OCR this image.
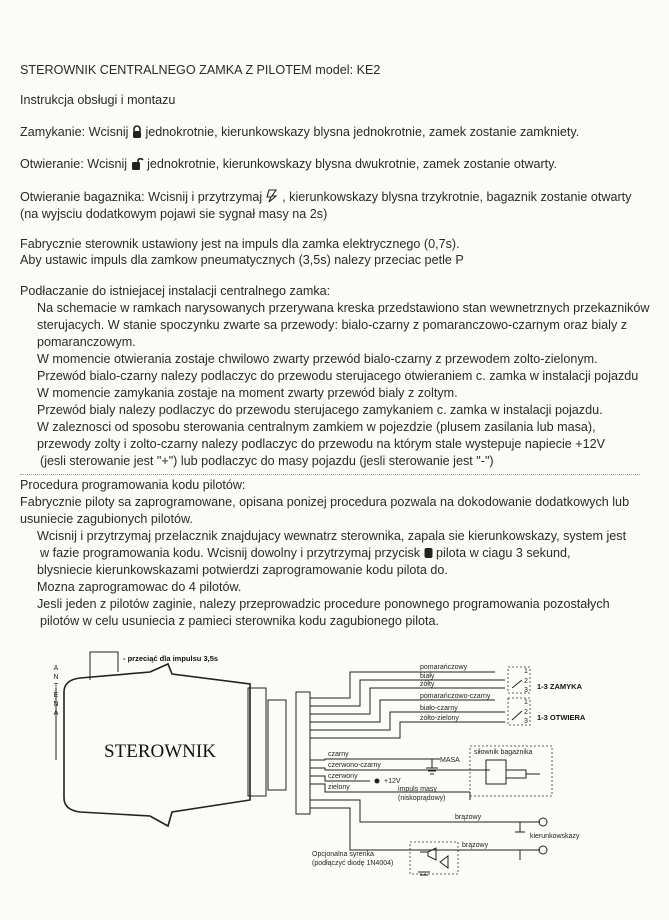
STEROWNIK CENTRALNEGO ZAMKA Z PILOTEM model: KE2
Instrukcja obsługi i montazu
Zamykanie: Wcisnij  jednokrotnie, kierunkowskazy blysna jednokrotnie, zamek zostanie zamkniety.
Otwieranie: Wcisnij  jednokrotnie, kierunkowskazy blysna dwukrotnie, zamek zostanie otwarty.
Otwieranie bagaznika: Wcisnij i przytrzymaj  , kierunkowskazy blysna trzykrotnie, bagaznik zostanie otwarty
(na wyjsciu dodatkowym pojawi sie sygnał masy na 2s)
Fabrycznie sterownik ustawiony jest na impuls dla zamka elektrycznego (0,7s).
Aby ustawic impuls dla zamkow pneumatycznych (3,5s) nalezy przeciac petle P
Podłaczanie do istniejacej instalacji centralnego zamka:
Na schemacie w ramkach narysowanych przerywana kreska przedstawiono stan wewnetrznych przekazników
sterujacych. W stanie spoczynku zwarte sa przewody: bialo-czarny z pomaranczowo-czarnym oraz bialy z
pomaranczowym.
W momencie otwierania zostaje chwilowo zwarty przewód bialo-czarny z przewodem zolto-zielonym.
Przewód bialo-czarny nalezy podlaczyc do przewodu sterujacego otwieraniem c. zamka w instalacji pojazdu
W momencie zamykania zostaje na moment zwarty przewód bialy z zoltym.
Przewód bialy nalezy podlaczyc do przewodu sterujacego zamykaniem c. zamka w instalacji pojazdu.
W zaleznosci od sposobu sterowania centralnym zamkiem w pojezdzie (plusem zasilania lub masa),
przewody zolty i zolto-czarny nalezy podlaczyc do przewodu na którym stale wystepuje napiecie +12V
(jesli sterowanie jest "+") lub podlaczyc do masy pojazdu (jesli sterowanie jest "-")
Procedura programowania kodu pilotów:
Fabrycznie piloty sa zaprogramowane, opisana ponizej procedura pozwala na dokodowanie dodatkowych lub
usuniecie zagubionych pilotów.
Wcisnij i przytrzymaj przelacznik znajdujacy wewnatrz sterownika, zapala sie kierunkowskazy, system jest
w fazie programowania kodu. Wcisnij dowolny i przytrzymaj przycisk  pilota w ciagu 3 sekund,
blysniecie kierunkowskazami potwierdzi zaprogramowanie kodu pilota do.
Mozna zaprogramowac do 4 pilotów.
Jesli jeden z pilotów zaginie, nalezy przeprowadzic procedure ponownego programowania pozostałych
pilotów w celu usuniecia z pamieci sterownika kodu zagubionego pilota.
A N T E N A
- przeciąć dla impulsu 3,5s
STEROWNIK
pomarańczowy
biały
żółty
pomarańczowo-czarny
biało-czarny
żółto-zielony
czarny
czerwono-czarny
czerwony
zielony
brązowy
brązowy
1
2
3 1-3 ZAMYKA
1
2
3 1-3 OTWIERA
MASA
siłownik bagażnika
+12V
impuls masy
(niskoprądowy)
kierunkowskazy
Opcjonalna syrenka
(podłączyć diodę 1N4004)
